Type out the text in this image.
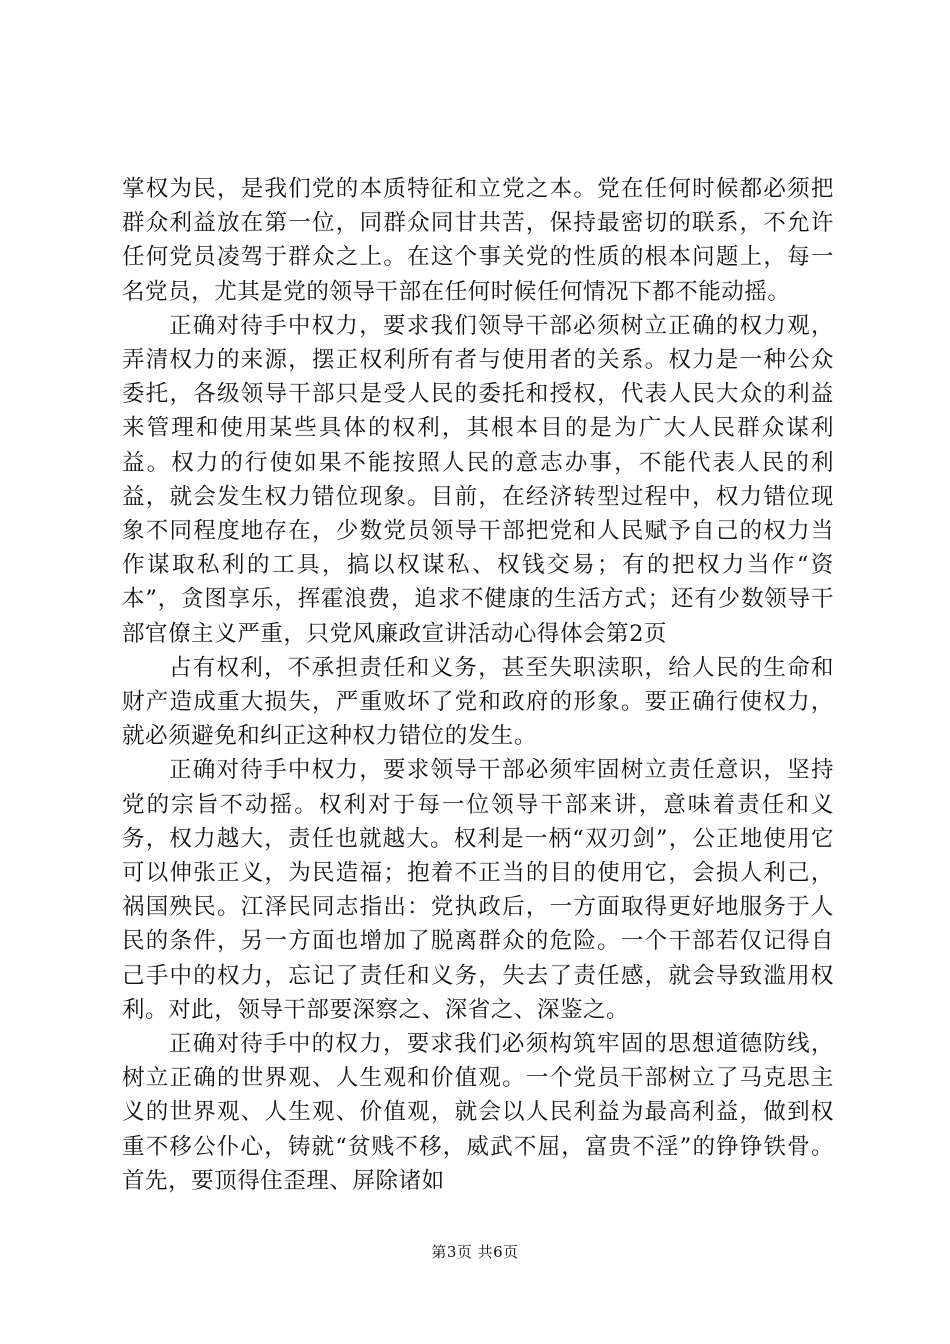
掌权为民，是我们党的本质特征和立党之本。党在任何时候都必须把群众利益放在第一位，同群众同甘共苦，保持最密切的联系，不允许任何党员凌驾于群众之上。在这个事关党的性质的根本问题上，每一名党员，尤其是党的领导干部在任何时候任何情况下都不能动摇。

正确对待手中权力，要求我们领导干部必须树立正确的权力观，弄清权力的来源，摆正权利所有者与使用者的关系。权力是一种公众委托，各级领导干部只是受人民的委托和授权，代表人民大众的利益来管理和使用某些具体的权利，其根本目的是为广大人民群众谋利益。权力的行使如果不能按照人民的意志办事，不能代表人民的利益，就会发生权力错位现象。目前，在经济转型过程中，权力错位现象不同程度地存在，少数党员领导干部把党和人民赋予自己的权力当作谋取私利的工具，搞以权谋私、权钱交易；有的把权力当作“资本”，贪图享乐，挥霍浪费，追求不健康的生活方式；还有少数领导干部官僚主义严重，只党风廉政宣讲活动心得体会第2页

占有权利，不承担责任和义务，甚至失职渎职，给人民的生命和财产造成重大损失，严重败坏了党和政府的形象。要正确行使权力，就必须避免和纠正这种权力错位的发生。

正确对待手中权力，要求领导干部必须牢固树立责任意识，坚持党的宗旨不动摇。权利对于每一位领导干部来讲，意味着责任和义务，权力越大，责任也就越大。权利是一柄“双刃剑”，公正地使用它可以伸张正义，为民造福；抱着不正当的目的使用它，会损人利己，祸国殃民。江泽民同志指出：党执政后，一方面取得更好地服务于人民的条件，另一方面也增加了脱离群众的危险。一个干部若仅记得自己手中的权力，忘记了责任和义务，失去了责任感，就会导致滥用权利。对此，领导干部要深察之、深省之、深鉴之。

正确对待手中的权力，要求我们必须构筑牢固的思想道德防线，树立正确的世界观、人生观和价值观。一个党员干部树立了马克思主义的世界观、人生观、价值观，就会以人民利益为最高利益，做到权重不移公仆心，铸就“贫贱不移，威武不屈，富贵不淫”的铮铮铁骨。首先，要顶得住歪理、屏除诸如

第3页 共6页
